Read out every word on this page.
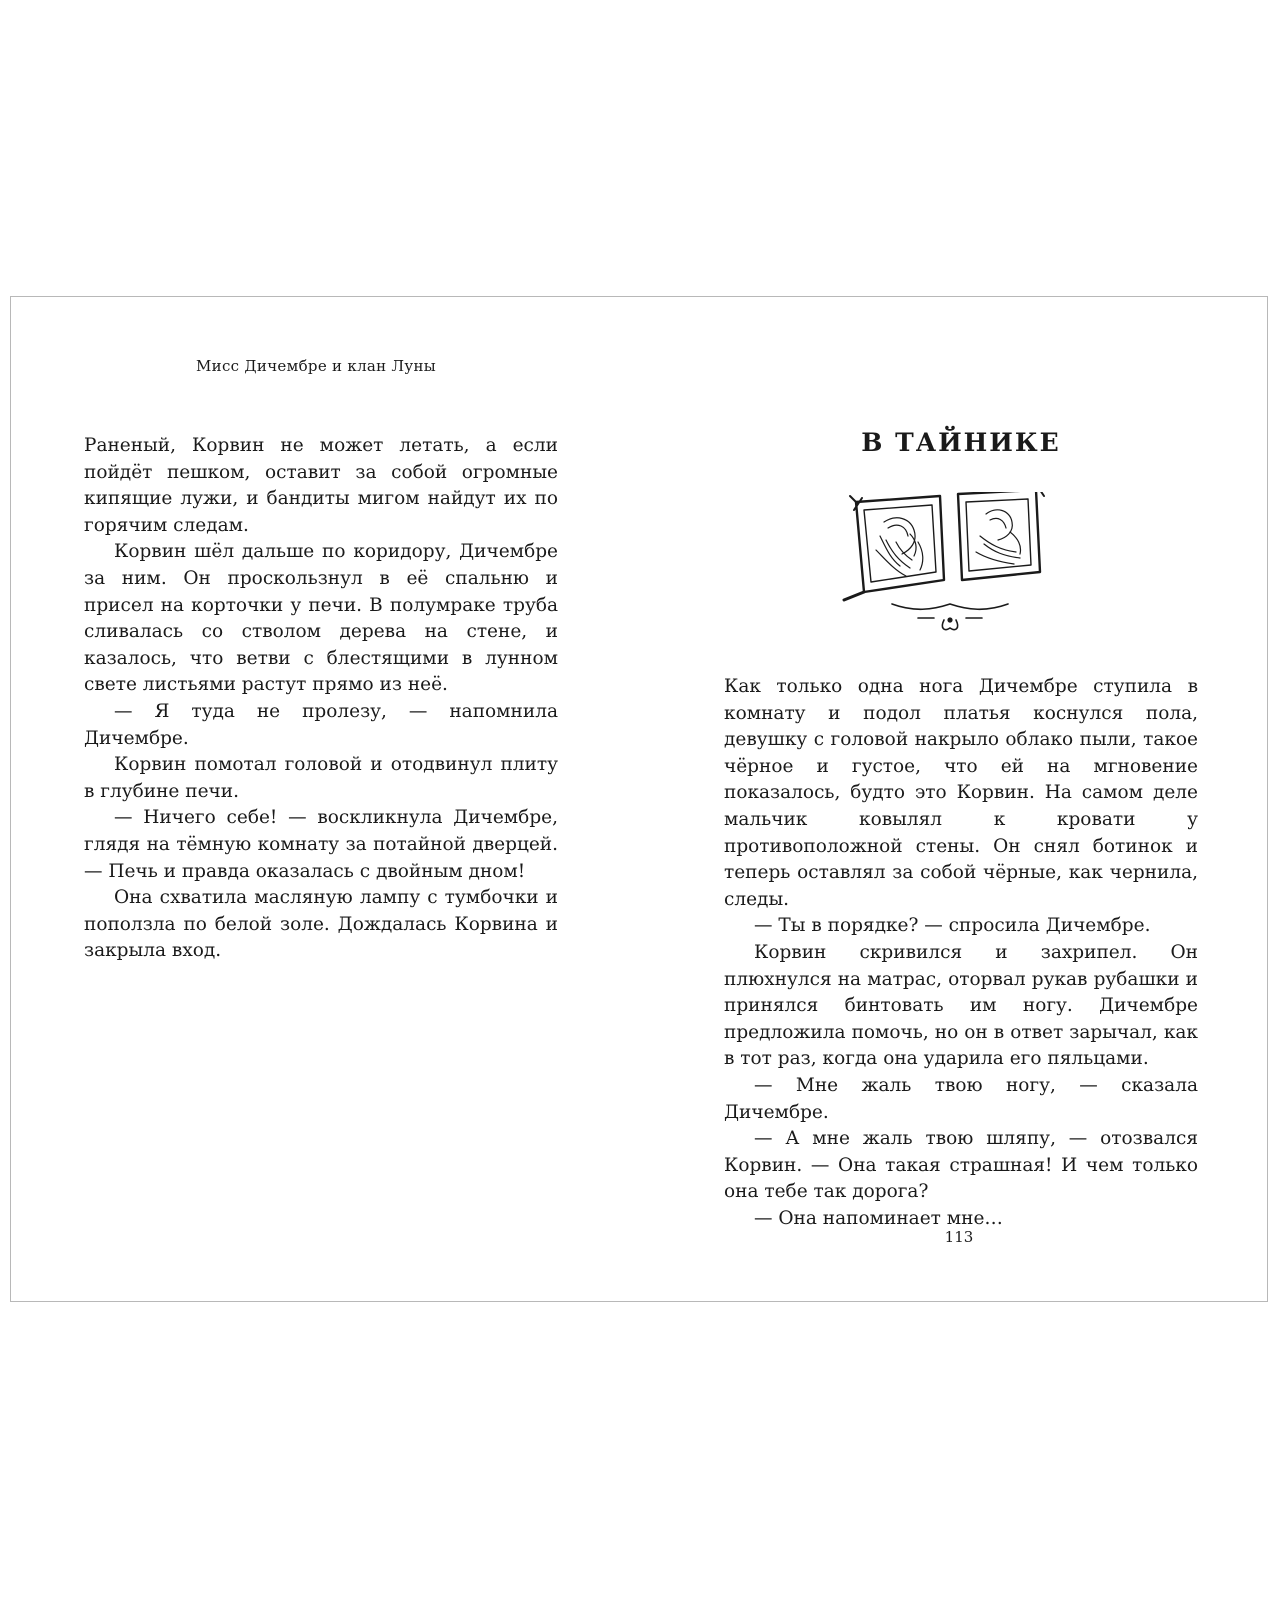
Мисс Дичембре и клан Луны

Раненый, Корвин не может летать, а если пойдёт пешком, оставит за собой огромные кипящие лужи, и бандиты мигом найдут их по горячим следам.

Корвин шёл дальше по коридору, Дичембре за ним. Он проскользнул в её спальню и присел на корточки у печи. В полумраке труба сливалась со стволом дерева на стене, и казалось, что ветви с блестящими в лунном свете листьями растут прямо из неё.

— Я туда не пролезу, — напомнила Дичембре.

Корвин помотал головой и отодвинул плиту в глубине печи.

— Ничего себе! — воскликнула Дичембре, глядя на тёмную комнату за потайной дверцей. — Печь и правда оказалась с двойным дном!

Она схватила масляную лампу с тумбочки и поползла по белой золе. Дождалась Корвина и закрыла вход.

В ТАЙНИКЕ

Как только одна нога Дичембре ступила в комнату и подол платья коснулся пола, девушку с головой накрыло облако пыли, такое чёрное и густое, что ей на мгновение показалось, будто это Корвин. На самом деле мальчик ковылял к кровати у противоположной стены. Он снял ботинок и теперь оставлял за собой чёрные, как чернила, следы.

— Ты в порядке? — спросила Дичембре.

Корвин скривился и захрипел. Он плюхнулся на матрас, оторвал рукав рубашки и принялся бинтовать им ногу. Дичембре предложила помочь, но он в ответ зарычал, как в тот раз, когда она ударила его пяльцами.

— Мне жаль твою ногу, — сказала Дичембре.

— А мне жаль твою шляпу, — отозвался Корвин. — Она такая страшная! И чем только она тебе так дорога?

— Она напоминает мне…

113
